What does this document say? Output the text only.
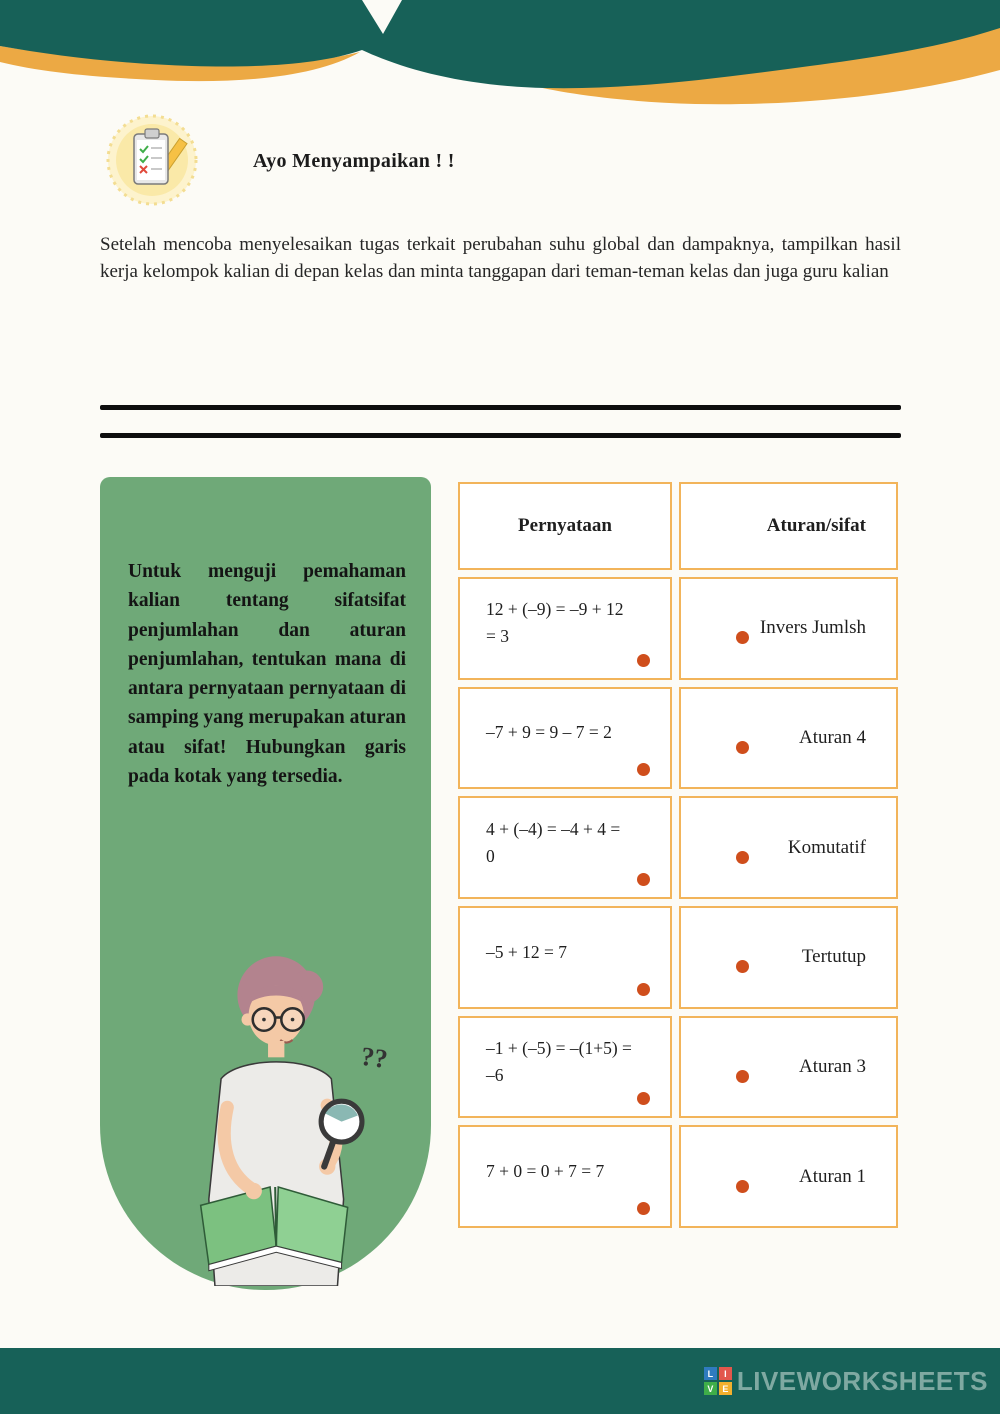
Ayo Menyampaikan ! !
Setelah mencoba menyelesaikan tugas terkait perubahan suhu global dan dampaknya, tampilkan hasil kerja kelompok kalian di depan kelas dan minta tanggapan dari teman-teman kelas dan juga guru kalian
Untuk menguji pemahaman kalian tentang sifatsifat penjumlahan dan aturan penjumlahan, tentukan mana di antara pernyataan pernyataan di samping yang merupakan aturan atau sifat! Hubungkan garis pada kotak yang tersedia.
??
Pernyataan	Aturan/sifat
12 + (–9) = –9 + 12 = 3	Invers Jumlsh
–7 + 9 = 9 – 7 = 2	Aturan 4
4 + (–4) = –4 + 4 = 0	Komutatif
–5 + 12 = 7	Tertutup
–1 + (–5) = –(1+5) = –6	Aturan 3
7 + 0 = 0 + 7 = 7	Aturan 1
L	I
V E LIVEWORKSHEETS
